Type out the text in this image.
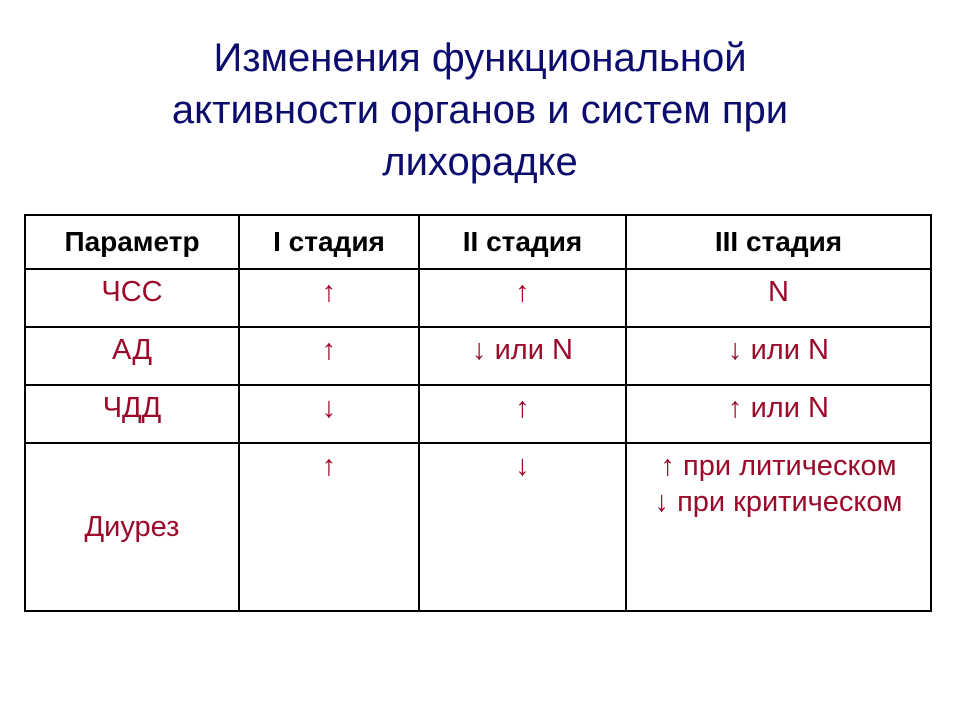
Изменения функциональной
активности органов и систем при
лихорадке
Параметр	I стадия	II стадия	III стадия
ЧСС	↑	↑	N
АД	↑	↓ или N	↓ или N
ЧДД	↓	↑	↑ или N
Диурез	↑	↓	↑ при литическом
↓ при критическом
